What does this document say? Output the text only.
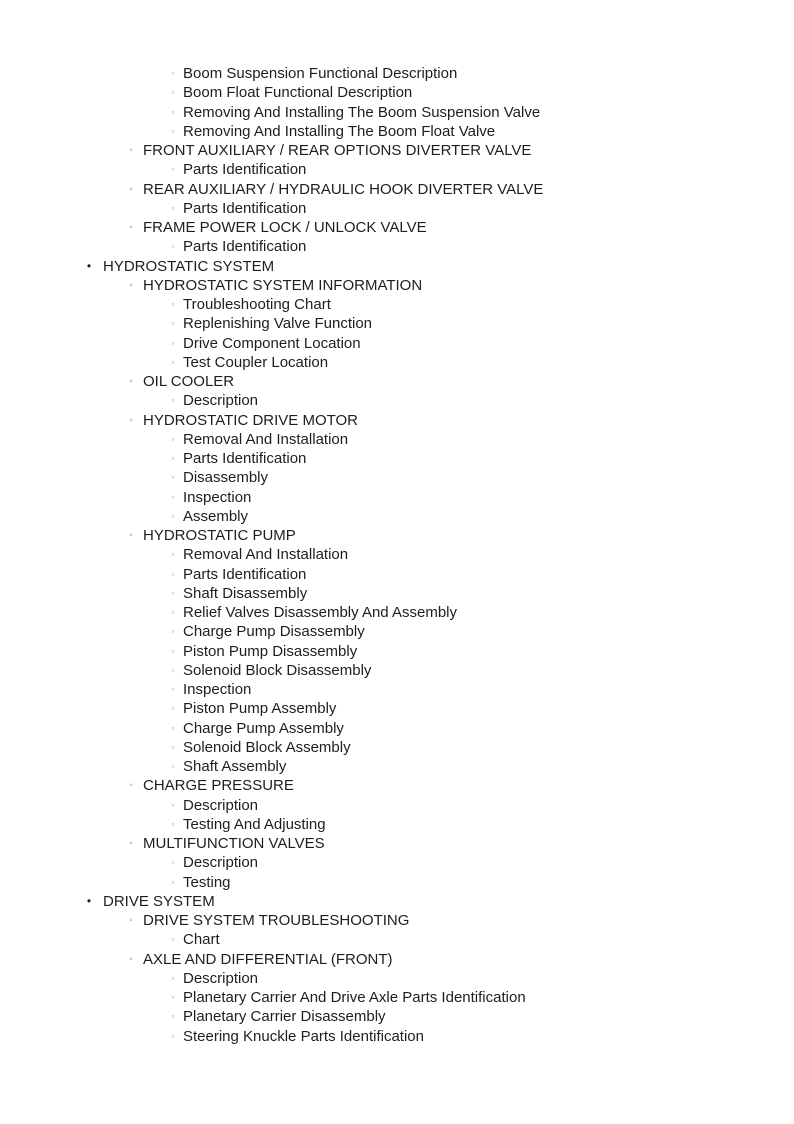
▫ Boom Suspension Functional Description
▫ Boom Float Functional Description
▫ Removing And Installing The Boom Suspension Valve
▫ Removing And Installing The Boom Float Valve
◦ FRONT AUXILIARY / REAR OPTIONS DIVERTER VALVE
▫ Parts Identification
◦ REAR AUXILIARY / HYDRAULIC HOOK DIVERTER VALVE
▫ Parts Identification
◦ FRAME POWER LOCK / UNLOCK VALVE
▫ Parts Identification
• HYDROSTATIC SYSTEM
◦ HYDROSTATIC SYSTEM INFORMATION
▫ Troubleshooting Chart
▫ Replenishing Valve Function
▫ Drive Component Location
▫ Test Coupler Location
◦ OIL COOLER
▫ Description
◦ HYDROSTATIC DRIVE MOTOR
▫ Removal And Installation
▫ Parts Identification
▫ Disassembly
▫ Inspection
▫ Assembly
◦ HYDROSTATIC PUMP
▫ Removal And Installation
▫ Parts Identification
▫ Shaft Disassembly
▫ Relief Valves Disassembly And Assembly
▫ Charge Pump Disassembly
▫ Piston Pump Disassembly
▫ Solenoid Block Disassembly
▫ Inspection
▫ Piston Pump Assembly
▫ Charge Pump Assembly
▫ Solenoid Block Assembly
▫ Shaft Assembly
◦ CHARGE PRESSURE
▫ Description
▫ Testing And Adjusting
◦ MULTIFUNCTION VALVES
▫ Description
▫ Testing
• DRIVE SYSTEM
◦ DRIVE SYSTEM TROUBLESHOOTING
▫ Chart
◦ AXLE AND DIFFERENTIAL (FRONT)
▫ Description
▫ Planetary Carrier And Drive Axle Parts Identification
▫ Planetary Carrier Disassembly
▫ Steering Knuckle Parts Identification
